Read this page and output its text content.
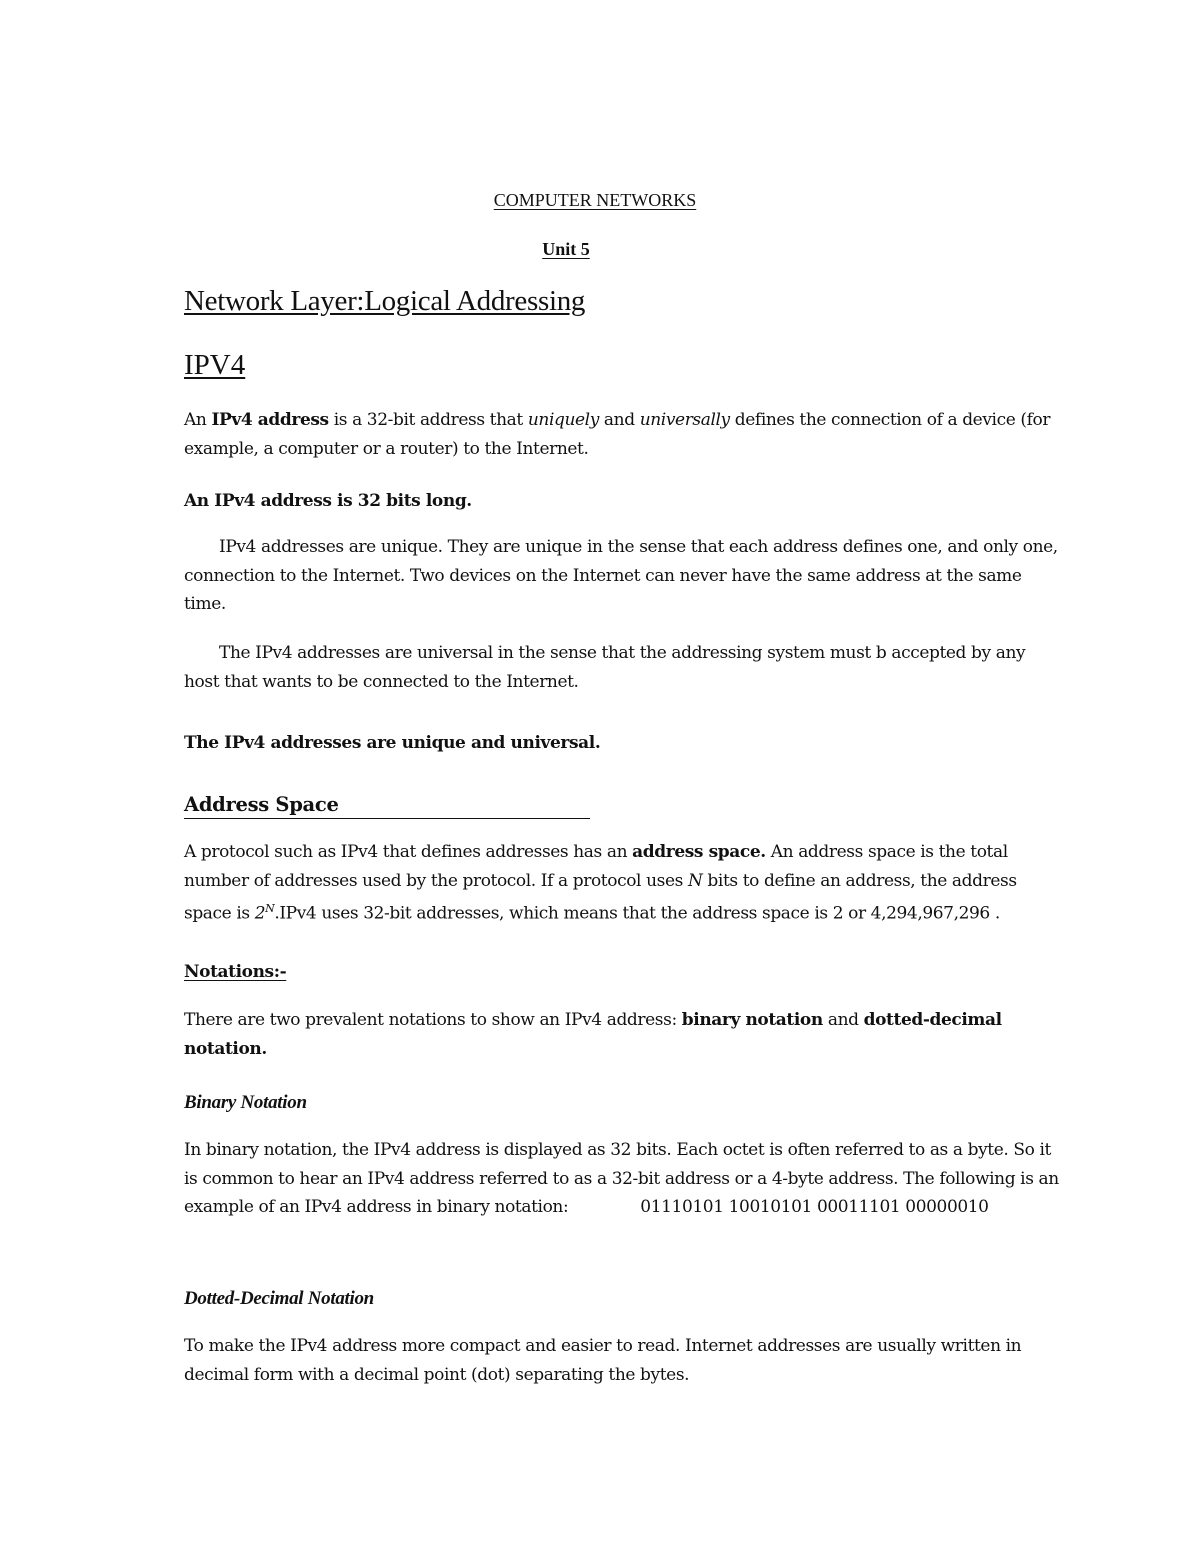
COMPUTER NETWORKS
Unit 5
Network Layer:Logical Addressing
IPV4

An IPv4 address is a 32-bit address that uniquely and universally defines the connection of a device (for example, a computer or a router) to the Internet.

An IPv4 address is 32 bits long.

IPv4 addresses are unique. They are unique in the sense that each address defines one, and only one, connection to the Internet. Two devices on the Internet can never have the same address at the same time.

The IPv4 addresses are universal in the sense that the addressing system must b accepted by any host that wants to be connected to the Internet.

The IPv4 addresses are unique and universal.

Address Space

A protocol such as IPv4 that defines addresses has an address space. An address space is the total number of addresses used by the protocol. If a protocol uses N bits to define an address, the address space is $2^N.IPv4$ uses 32-bit addresses, which means that the address space is 2 or 4,294,967,296 .

Notations:-

There are two prevalent notations to show an IPv4 address: binary notation and dotted-decimal notation.

Binary Notation

In binary notation, the IPv4 address is displayed as 32 bits. Each octet is often referred to as a byte. So it is common to hear an IPv4 address referred to as a 32-bit address or a 4-byte address. The following is an example of an IPv4 address in binary notation:	01110101 10010101 00011101 00000010

Dotted-Decimal Notation

To make the IPv4 address more compact and easier to read. Internet addresses are usually written in decimal form with a decimal point (dot) separating the bytes.
